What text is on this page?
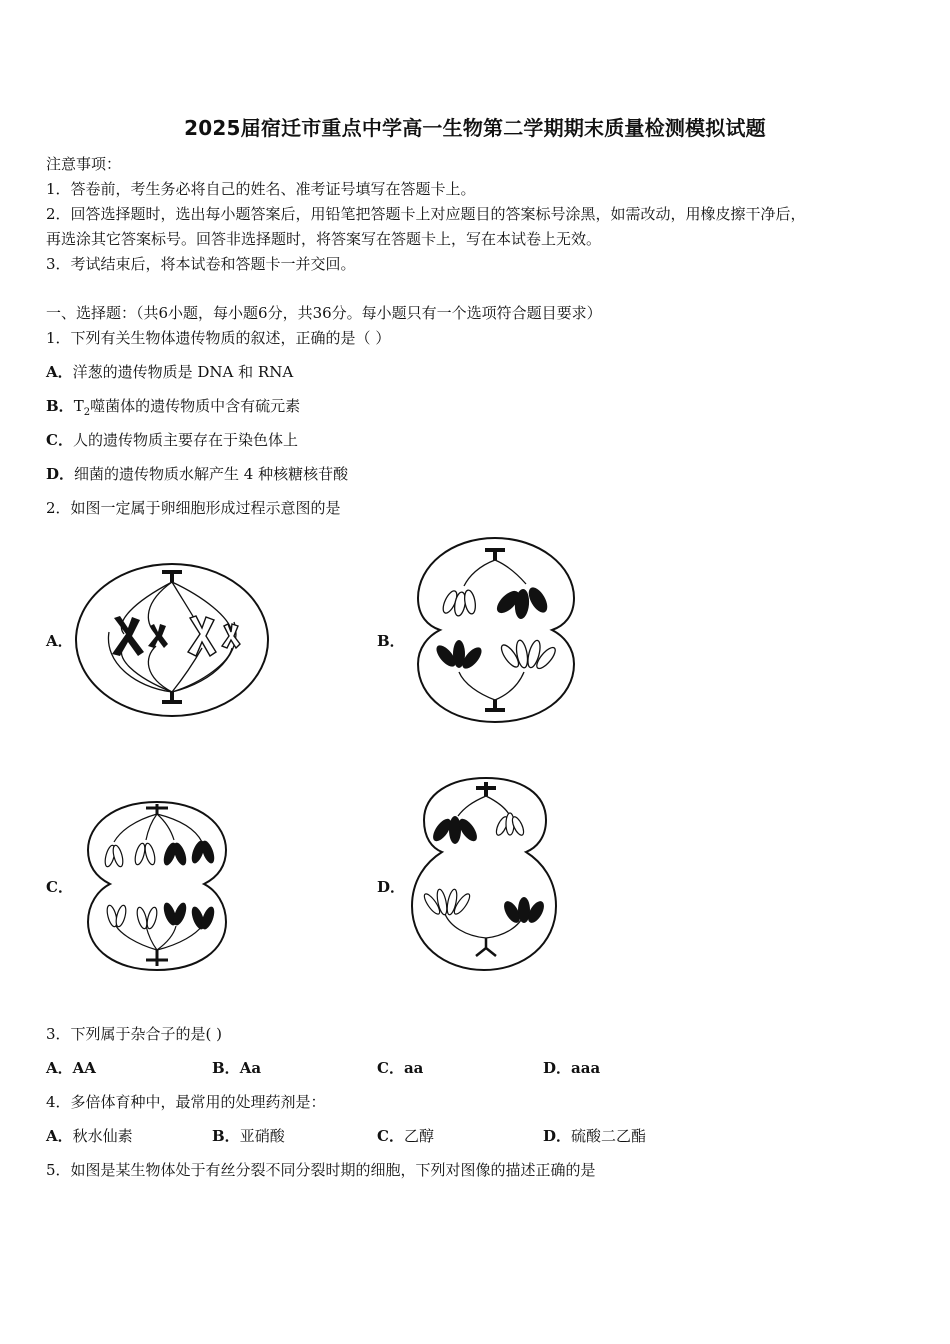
2025届宿迁市重点中学高一生物第二学期期末质量检测模拟试题
注意事项：
1．答卷前，考生务必将自己的姓名、准考证号填写在答题卡上。
2．回答选择题时，选出每小题答案后，用铅笔把答题卡上对应题目的答案标号涂黑，如需改动，用橡皮擦干净后，
再选涂其它答案标号。回答非选择题时，将答案写在答题卡上，写在本试卷上无效。
3．考试结束后，将本试卷和答题卡一并交回。
一、选择题：（共6小题，每小题6分，共36分。每小题只有一个选项符合题目要求）
1．下列有关生物体遗传物质的叙述，正确的是（ ）
A．洋葱的遗传物质是 DNA 和 RNA
B．$T_2$噬菌体的遗传物质中含有硫元素
C．人的遗传物质主要存在于染色体上
D．细菌的遗传物质水解产生 4 种核糖核苷酸
2．如图一定属于卵细胞形成过程示意图的是
A．	B．
C．	D．
3．下列属于杂合子的是( )
A．AA	B．Aa	C．aa	D．aaa
4．多倍体育种中，最常用的处理药剂是：
A．秋水仙素	B．亚硝酸	C．乙醇	D．硫酸二乙酯
5．如图是某生物体处于有丝分裂不同分裂时期的细胞，下列对图像的描述正确的是
